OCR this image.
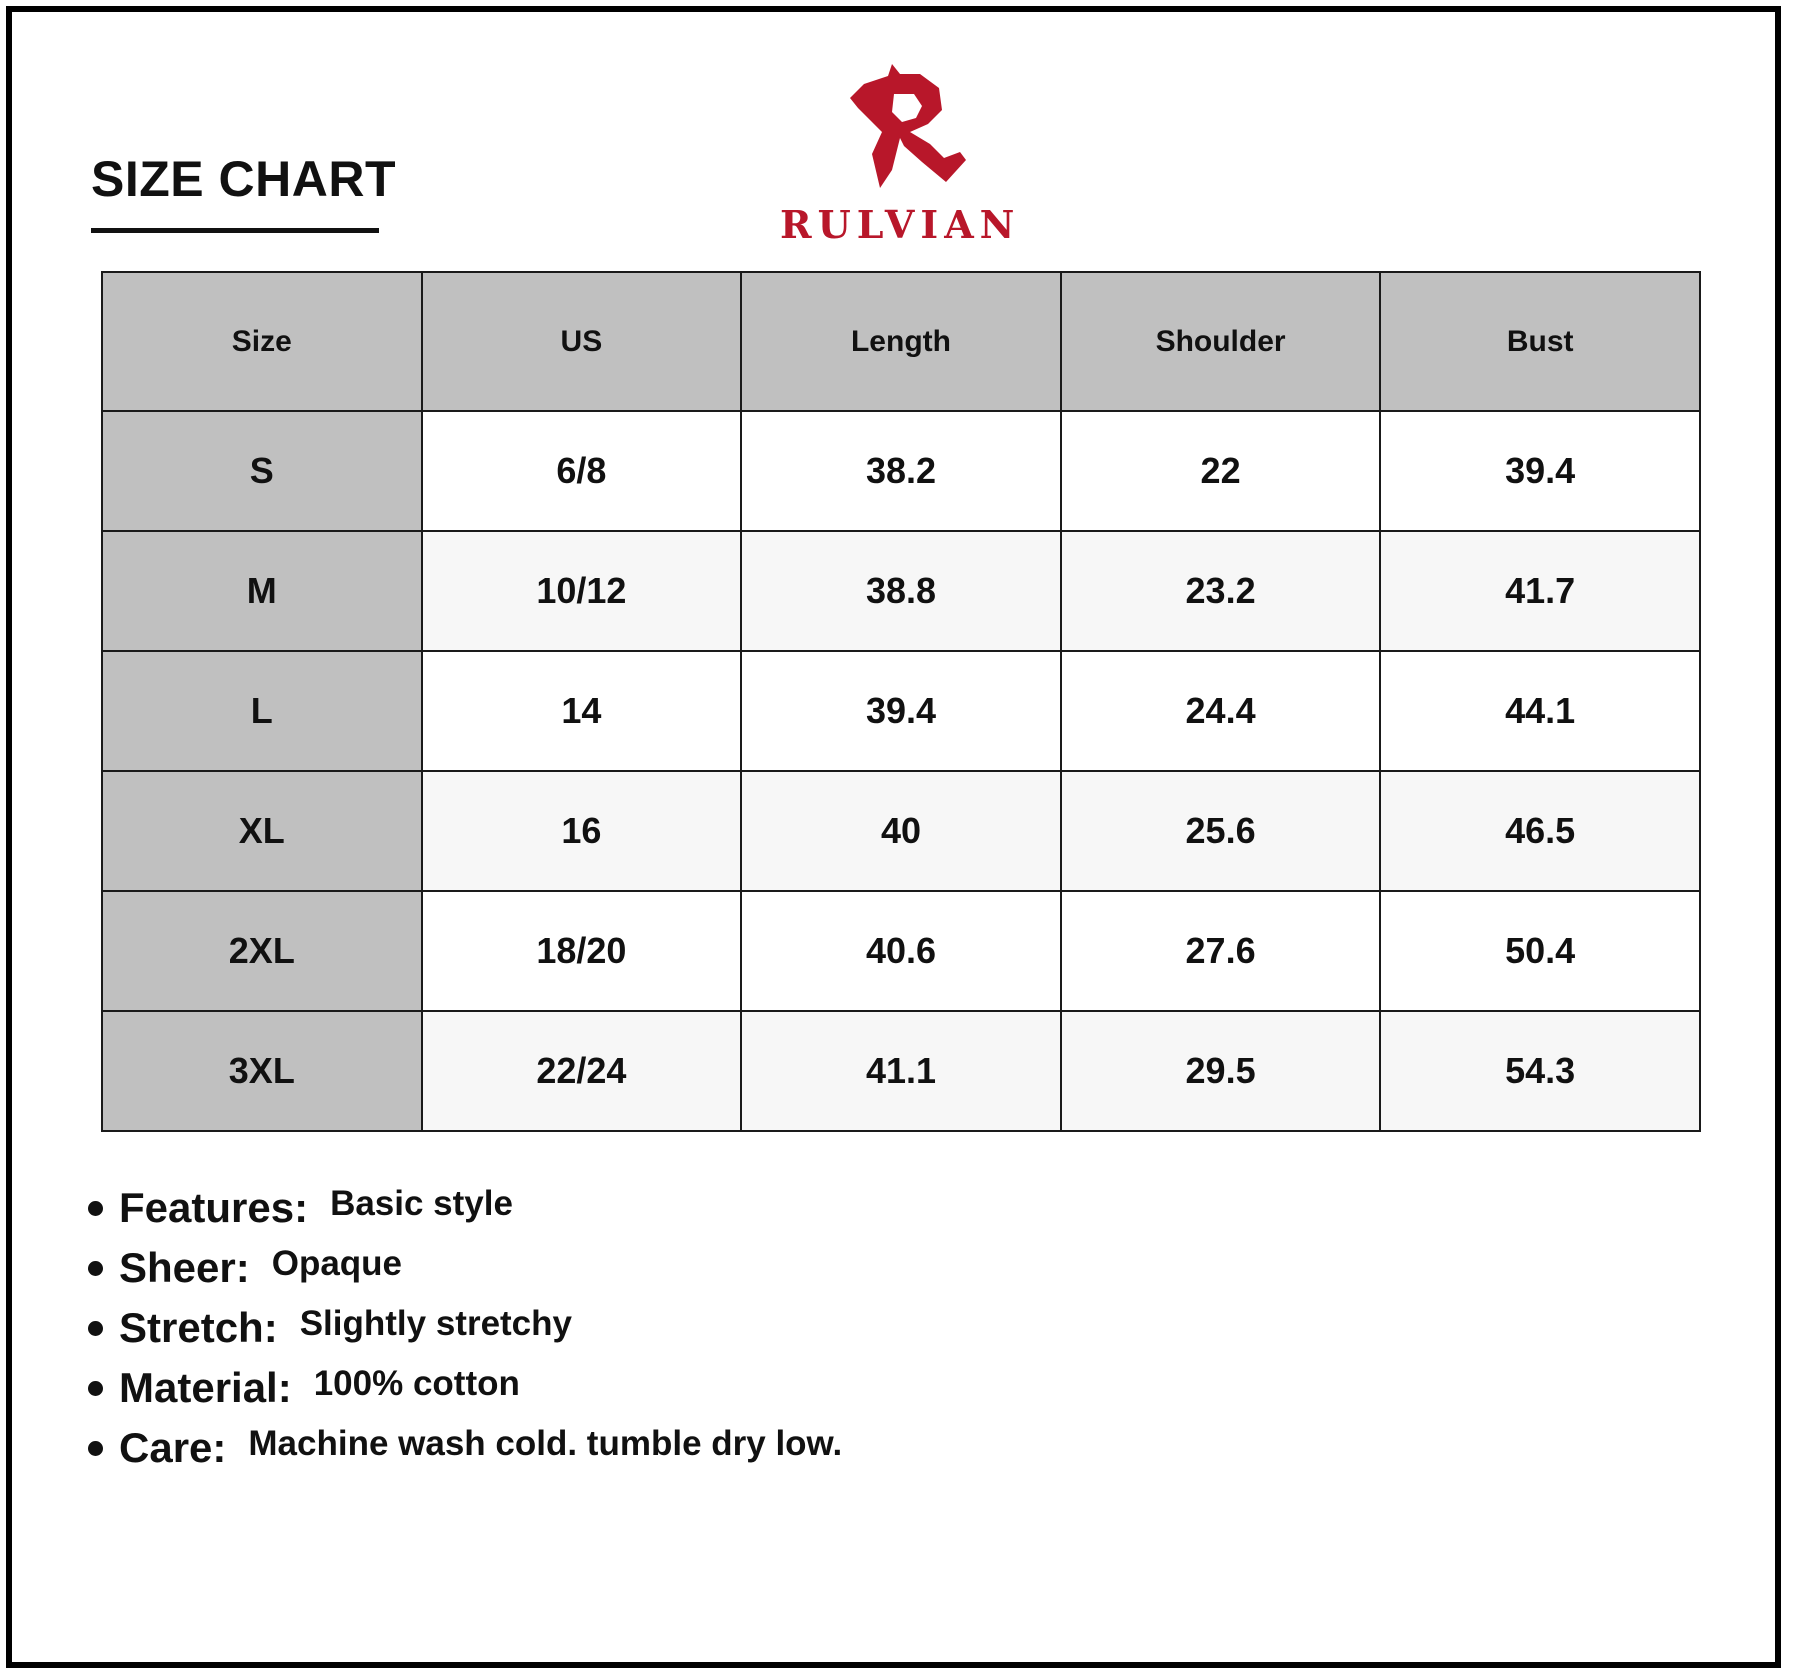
SIZE CHART
RULVIAN
Size	US	Length	Shoulder	Bust
S	6/8	38.2	22	39.4
M	10/12	38.8	23.2	41.7
L	14	39.4	24.4	44.1
XL	16	40	25.6	46.5
2XL	18/20	40.6	27.6	50.4
3XL	22/24	41.1	29.5	54.3
Features: Basic style
Sheer: Opaque
Stretch: Slightly stretchy
Material: 100% cotton
Care: Machine wash cold. tumble dry low.
